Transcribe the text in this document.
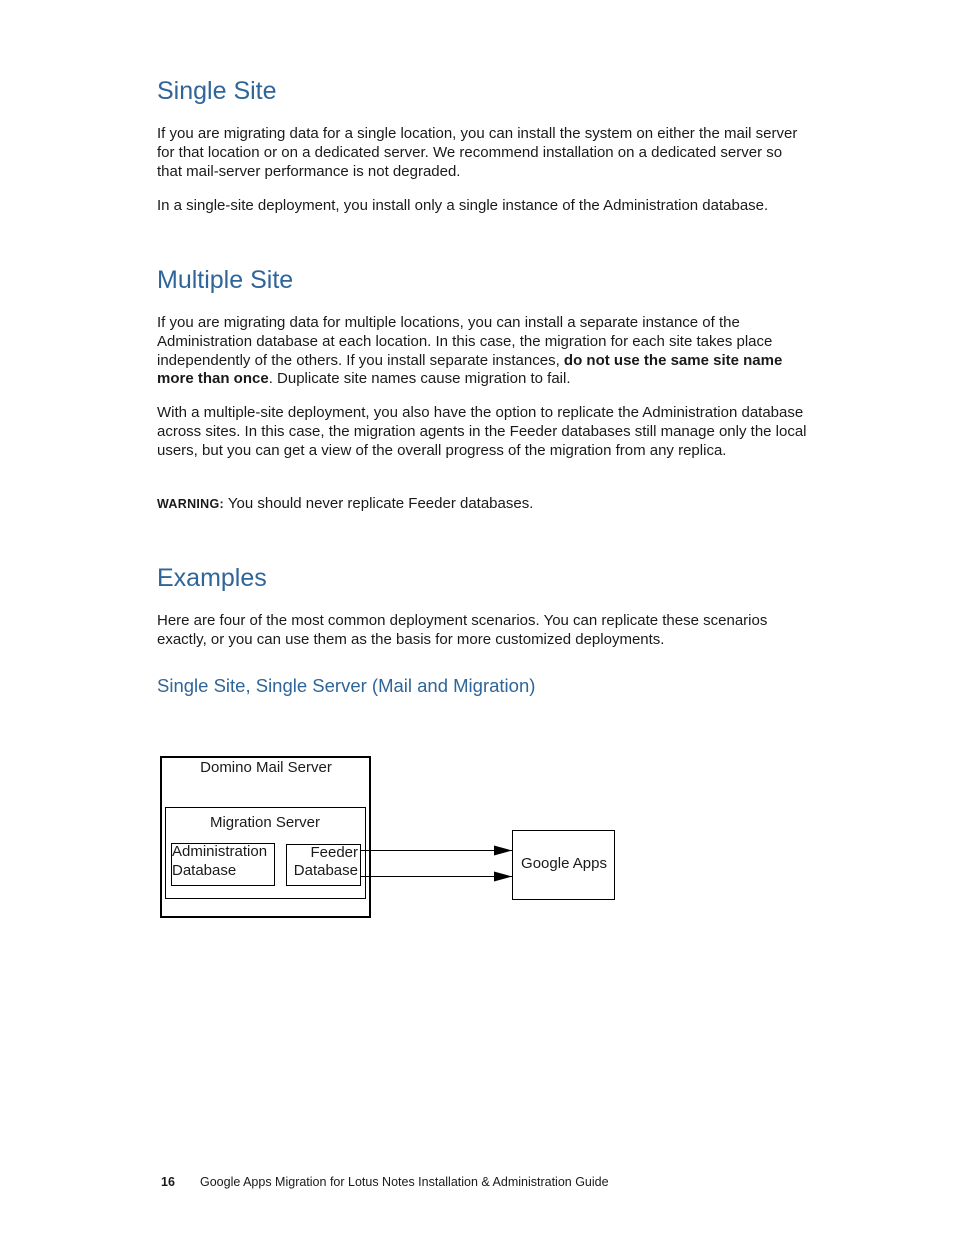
Single Site

If you are migrating data for a single location, you can install the system on either the mail server for that location or on a dedicated server. We recommend installation on a dedicated server so that mail-server performance is not degraded.

In a single-site deployment, you install only a single instance of the Administration database.

Multiple Site

If you are migrating data for multiple locations, you can install a separate instance of the Administration database at each location. In this case, the migration for each site takes place independently of the others. If you install separate instances, do not use the same site name more than once. Duplicate site names cause migration to fail.

With a multiple-site deployment, you also have the option to replicate the Administration database across sites. In this case, the migration agents in the Feeder databases still manage only the local users, but you can get a view of the overall progress of the migration from any replica.

WARNING: You should never replicate Feeder databases.

Examples

Here are four of the most common deployment scenarios. You can replicate these scenarios exactly, or you can use them as the basis for more customized deployments.

Single Site, Single Server (Mail and Migration)
Domino Mail Server
Migration Server
Administration
Database
Feeder
Database	Google Apps
16 Google Apps Migration for Lotus Notes Installation & Administration Guide
